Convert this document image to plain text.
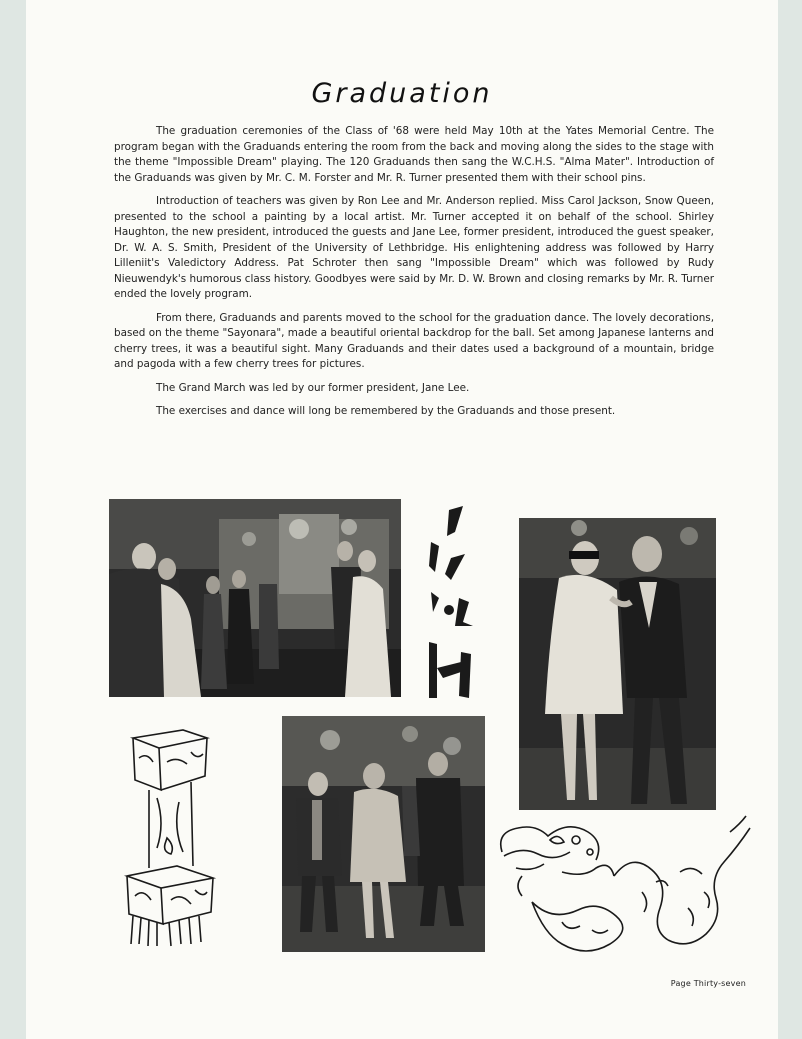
Graduation

The graduation ceremonies of the Class of '68 were held May 10th at the Yates Memorial Centre. The program began with the Graduands entering the room from the back and moving along the sides to the stage with the theme "Impossible Dream" playing. The 120 Graduands then sang the W.C.H.S. "Alma Mater". Introduction of the Graduands was given by Mr. C. M. Forster and Mr. R. Turner presented them with their school pins.

Introduction of teachers was given by Ron Lee and Mr. Anderson replied. Miss Carol Jackson, Snow Queen, presented to the school a painting by a local artist. Mr. Turner accepted it on behalf of the school. Shirley Haughton, the new president, introduced the guests and Jane Lee, former president, introduced the guest speaker, Dr. W. A. S. Smith, President of the University of Lethbridge. His enlightening address was followed by Harry Lilleniit's Valedictory Address. Pat Schroter then sang "Impossible Dream" which was followed by Rudy Nieuwendyk's humorous class history. Goodbyes were said by Mr. D. W. Brown and closing remarks by Mr. R. Turner ended the lovely program.

From there, Graduands and parents moved to the school for the graduation dance. The lovely decorations, based on the theme "Sayonara", made a beautiful oriental backdrop for the ball. Set among Japanese lanterns and cherry trees, it was a beautiful sight. Many Graduands and their dates used a background of a mountain, bridge and pagoda with a few cherry trees for pictures.

The Grand March was led by our former president, Jane Lee.

The exercises and dance will long be remembered by the Graduands and those present.

Page Thirty-seven
